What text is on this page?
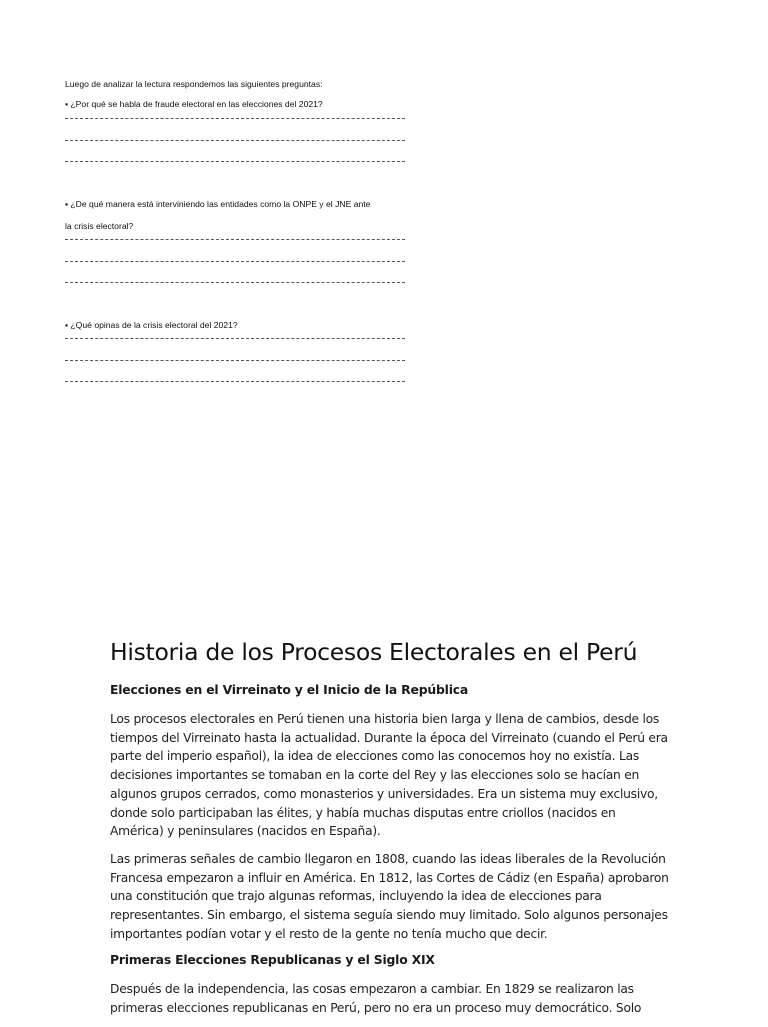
Luego de analizar la lectura respondemos las siguientes preguntas:

▪ ¿Por qué se habla de fraude electoral en las elecciones del 2021?

▪ ¿De qué manera está interviniendo las entidades como la ONPE y el JNE ante

la crisis electoral?

▪ ¿Qué opinas de la crisis electoral del 2021?

Historia de los Procesos Electorales en el Perú
Elecciones en el Virreinato y el Inicio de la República

Los procesos electorales en Perú tienen una historia bien larga y llena de cambios, desde los tiempos del Virreinato hasta la actualidad. Durante la época del Virreinato (cuando el Perú era parte del imperio español), la idea de elecciones como las conocemos hoy no existía. Las decisiones importantes se tomaban en la corte del Rey y las elecciones solo se hacían en algunos grupos cerrados, como monasterios y universidades. Era un sistema muy exclusivo, donde solo participaban las élites, y había muchas disputas entre criollos (nacidos en América) y peninsulares (nacidos en España).

Las primeras señales de cambio llegaron en 1808, cuando las ideas liberales de la Revolución Francesa empezaron a influir en América. En 1812, las Cortes de Cádiz (en España) aprobaron una constitución que trajo algunas reformas, incluyendo la idea de elecciones para representantes. Sin embargo, el sistema seguía siendo muy limitado. Solo algunos personajes importantes podían votar y el resto de la gente no tenía mucho que decir.

Primeras Elecciones Republicanas y el Siglo XIX

Después de la independencia, las cosas empezaron a cambiar. En 1829 se realizaron las primeras elecciones republicanas en Perú, pero no era un proceso muy democrático. Solo
